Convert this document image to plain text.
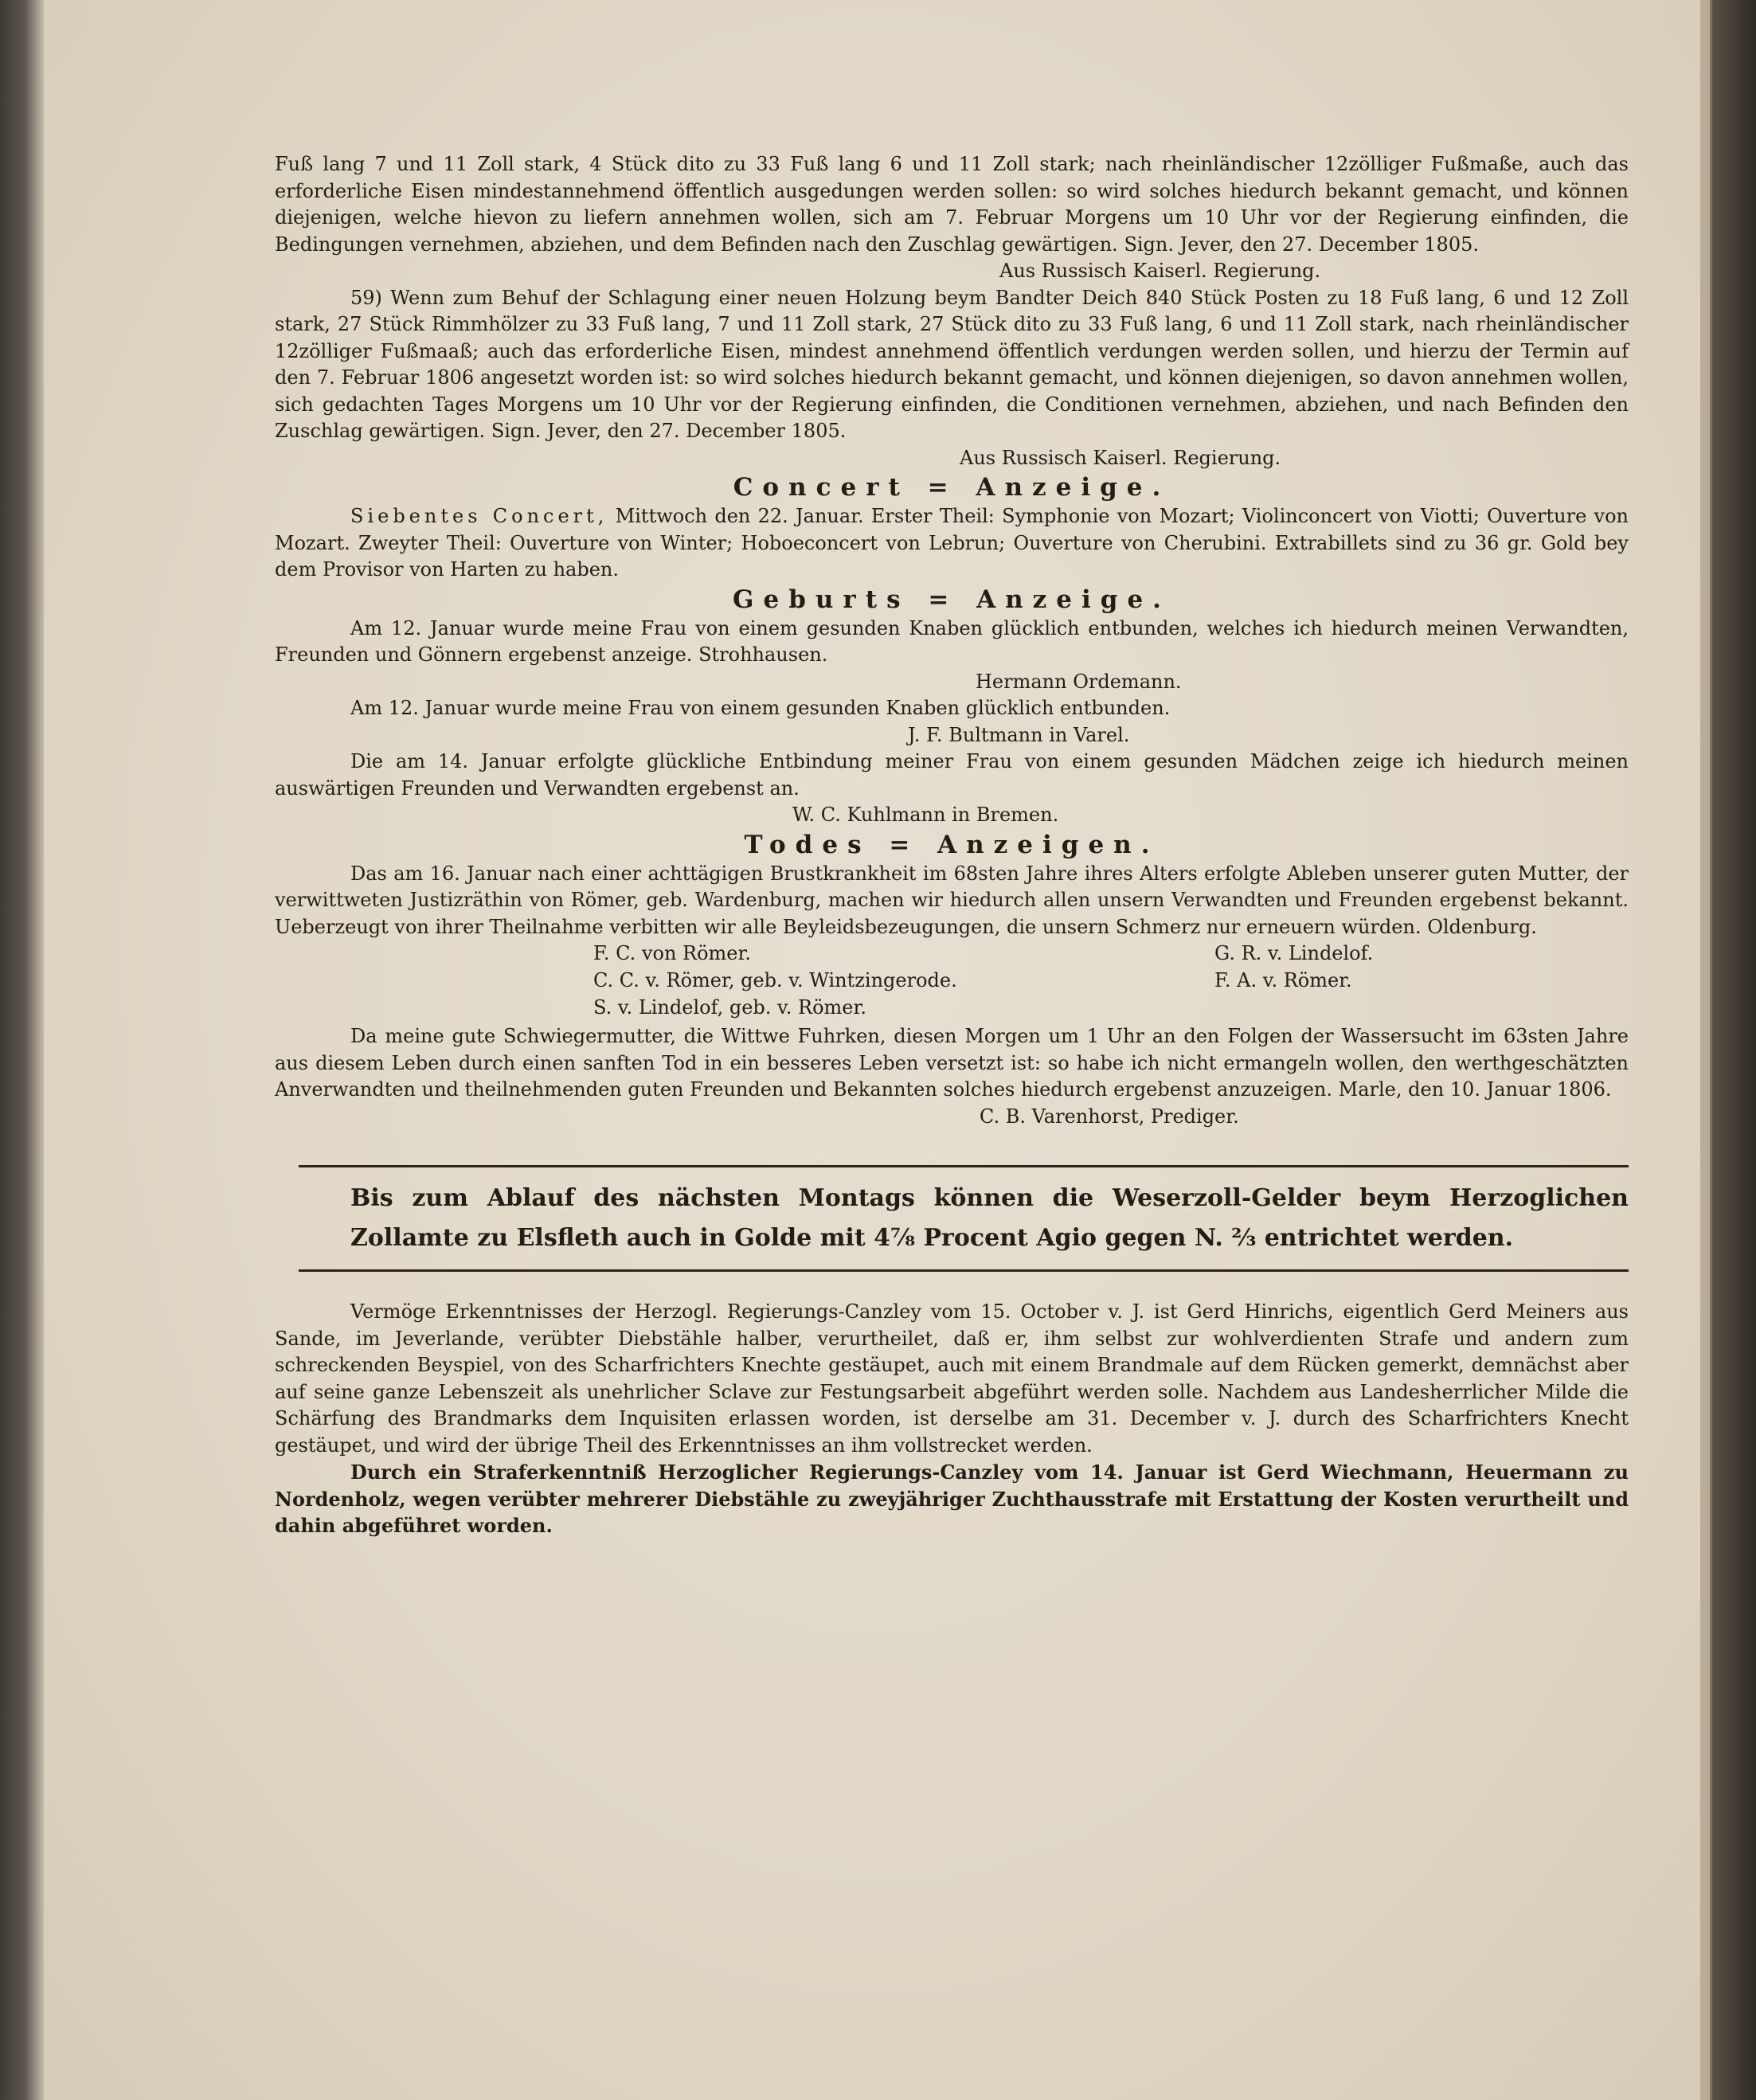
Fuß lang 7 und 11 Zoll stark, 4 Stück dito zu 33 Fuß lang 6 und 11 Zoll stark; nach rheinländischer 12zölliger Fußmaße, auch das erforderliche Eisen mindestannehmend öffentlich ausgedungen werden sollen: so wird solches hiedurch bekannt gemacht, und können diejenigen, welche hievon zu liefern annehmen wollen, sich am 7. Februar Morgens um 10 Uhr vor der Regierung einfinden, die Bedingungen vernehmen, abziehen, und dem Befinden nach den Zuschlag gewärtigen. Sign. Jever, den 27. December 1805.

Aus Russisch Kaiserl. Regierung.

59) Wenn zum Behuf der Schlagung einer neuen Holzung beym Bandter Deich 840 Stück Posten zu 18 Fuß lang, 6 und 12 Zoll stark, 27 Stück Rimmhölzer zu 33 Fuß lang, 7 und 11 Zoll stark, 27 Stück dito zu 33 Fuß lang, 6 und 11 Zoll stark, nach rheinländischer 12zölliger Fußmaaß; auch das erforderliche Eisen, mindest annehmend öffentlich verdungen werden sollen, und hierzu der Termin auf den 7. Februar 1806 angesetzt worden ist: so wird solches hiedurch bekannt gemacht, und können diejenigen, so davon annehmen wollen, sich gedachten Tages Morgens um 10 Uhr vor der Regierung einfinden, die Conditionen vernehmen, abziehen, und nach Befinden den Zuschlag gewärtigen. Sign. Jever, den 27. December 1805.

Aus Russisch Kaiserl. Regierung.

Concert = Anzeige.

Siebentes Concert, Mittwoch den 22. Januar. Erster Theil: Symphonie von Mozart; Violinconcert von Viotti; Ouverture von Mozart. Zweyter Theil: Ouverture von Winter; Hoboeconcert von Lebrun; Ouverture von Cherubini. Extrabillets sind zu 36 gr. Gold bey dem Provisor von Harten zu haben.

Geburts = Anzeige.

Am 12. Januar wurde meine Frau von einem gesunden Knaben glücklich entbunden, welches ich hiedurch meinen Verwandten, Freunden und Gönnern ergebenst anzeige. Strohhausen.

Hermann Ordemann.

Am 12. Januar wurde meine Frau von einem gesunden Knaben glücklich entbunden.

J. F. Bultmann in Varel.

Die am 14. Januar erfolgte glückliche Entbindung meiner Frau von einem gesunden Mädchen zeige ich hiedurch meinen auswärtigen Freunden und Verwandten ergebenst an.

W. C. Kuhlmann in Bremen.

Todes = Anzeigen.

Das am 16. Januar nach einer achttägigen Brustkrankheit im 68sten Jahre ihres Alters erfolgte Ableben unserer guten Mutter, der verwittweten Justizräthin von Römer, geb. Wardenburg, machen wir hiedurch allen unsern Verwandten und Freunden ergebenst bekannt. Ueberzeugt von ihrer Theilnahme verbitten wir alle Beyleidsbezeugungen, die unsern Schmerz nur erneuern würden. Oldenburg.

F. C. von Römer.	G. R. v. Lindelof.
C. C. v. Römer, geb. v. Wintzingerode.	F. A. v. Römer.
S. v. Lindelof, geb. v. Römer.

Da meine gute Schwiegermutter, die Wittwe Fuhrken, diesen Morgen um 1 Uhr an den Folgen der Wassersucht im 63sten Jahre aus diesem Leben durch einen sanften Tod in ein besseres Leben versetzt ist: so habe ich nicht ermangeln wollen, den werthgeschätzten Anverwandten und theilnehmenden guten Freunden und Bekannten solches hiedurch ergebenst anzuzeigen. Marle, den 10. Januar 1806.

C. B. Varenhorst, Prediger.

Bis zum Ablauf des nächsten Montags können die Weserzoll-Gelder beym Herzoglichen Zollamte zu Elsfleth auch in Golde mit 4⅞ Procent Agio gegen N. ⅔ entrichtet werden.

Vermöge Erkenntnisses der Herzogl. Regierungs-Canzley vom 15. October v. J. ist Gerd Hinrichs, eigentlich Gerd Meiners aus Sande, im Jeverlande, verübter Diebstähle halber, verurtheilet, daß er, ihm selbst zur wohlverdienten Strafe und andern zum schreckenden Beyspiel, von des Scharfrichters Knechte gestäupet, auch mit einem Brandmale auf dem Rücken gemerkt, demnächst aber auf seine ganze Lebenszeit als unehrlicher Sclave zur Festungsarbeit abgeführt werden solle. Nachdem aus Landesherrlicher Milde die Schärfung des Brandmarks dem Inquisiten erlassen worden, ist derselbe am 31. December v. J. durch des Scharfrichters Knecht gestäupet, und wird der übrige Theil des Erkenntnisses an ihm vollstrecket werden.

Durch ein Straferkenntniß Herzoglicher Regierungs-Canzley vom 14. Januar ist Gerd Wiechmann, Heuermann zu Nordenholz, wegen verübter mehrerer Diebstähle zu zweyjähriger Zuchthausstrafe mit Erstattung der Kosten verurtheilt und dahin abgeführet worden.
